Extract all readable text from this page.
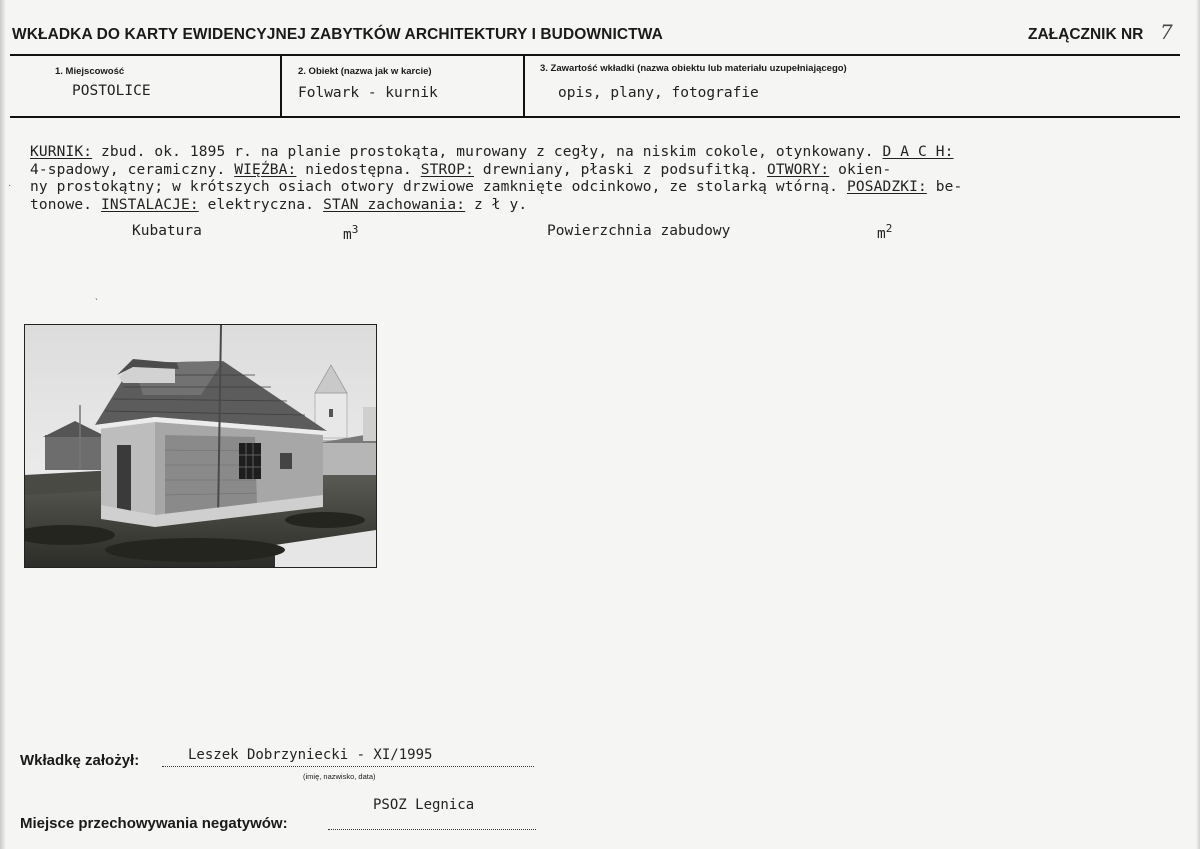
WKŁADKA DO KARTY EWIDENCYJNEJ ZABYTKÓW ARCHITEKTURY I BUDOWNICTWA	ZAŁĄCZNIK NR 7
1. Miejscowość
POSTOLICE
2. Obiekt (nazwa jak w karcie)
Folwark - kurnik
3. Zawartość wkładki (nazwa obiektu lub materiału uzupełniającego)
opis, plany, fotografie
KURNIK: zbud. ok. 1895 r. na planie prostokąta, murowany z cegły, na niskim cokole, otynkowany. D A C H:
4-spadowy, ceramiczny. WIĘŹBA: niedostępna. STROP: drewniany, płaski z podsufitką. OTWORY: okien-
ny prostokątny; w krótszych osiach otwory drzwiowe zamknięte odcinkowo, ze stolarką wtórną. POSADZKI: be-
tonowe. INSTALACJE: elektryczna. STAN zachowania: z ł y.
·
Kubatura	$m^3$	Powierzchnia zabudowy	$m^2$
ˎ
Wkładkę założył:	Leszek Dobrzyniecki - XI/1995
(imię, nazwisko, data)
PSOZ Legnica
Miejsce przechowywania negatywów:
